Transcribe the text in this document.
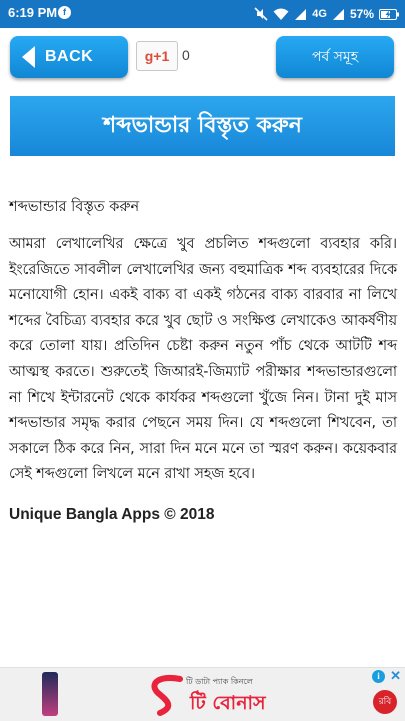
6:19 PM f	4G 57%
BACK	g+1 0	পর্ব সমূহ
শব্দভান্ডার বিস্তৃত করুন

শব্দভান্ডার বিস্তৃত করুন

আমরা লেখালেখির ক্ষেত্রে খুব প্রচলিত শব্দগুলো ব্যবহার করি। ইংরেজিতে সাবলীল লেখালেখির জন্য বহুমাত্রিক শব্দ ব্যবহারের দিকে মনোযোগী হোন। একই বাক্য বা একই গঠনের বাক্য বারবার না লিখে শব্দের বৈচিত্র্য ব্যবহার করে খুব ছোট ও সংক্ষিপ্ত লেখাকেও আকর্ষণীয় করে তোলা যায়। প্রতিদিন চেষ্টা করুন নতুন পাঁচ থেকে আটটি শব্দ আত্মস্থ করতে। শুরুতেই জিআরই-জিম্যাট পরীক্ষার শব্দভান্ডারগুলো না শিখে ইন্টারনেট থেকে কার্যকর শব্দগুলো খুঁজে নিন। টানা দুই মাস শব্দভান্ডার সমৃদ্ধ করার পেছনে সময় দিন। যে শব্দগুলো শিখবেন, তা সকালে ঠিক করে নিন, সারা দিন মনে মনে তা স্মরণ করুন। কয়েকবার সেই শব্দগুলো লিখলে মনে রাখা সহজ হবে।

Unique Bangla Apps © 2018
টি ডাটা প্যাক কিনলে
টি বোনাস
i ✕
রবি
